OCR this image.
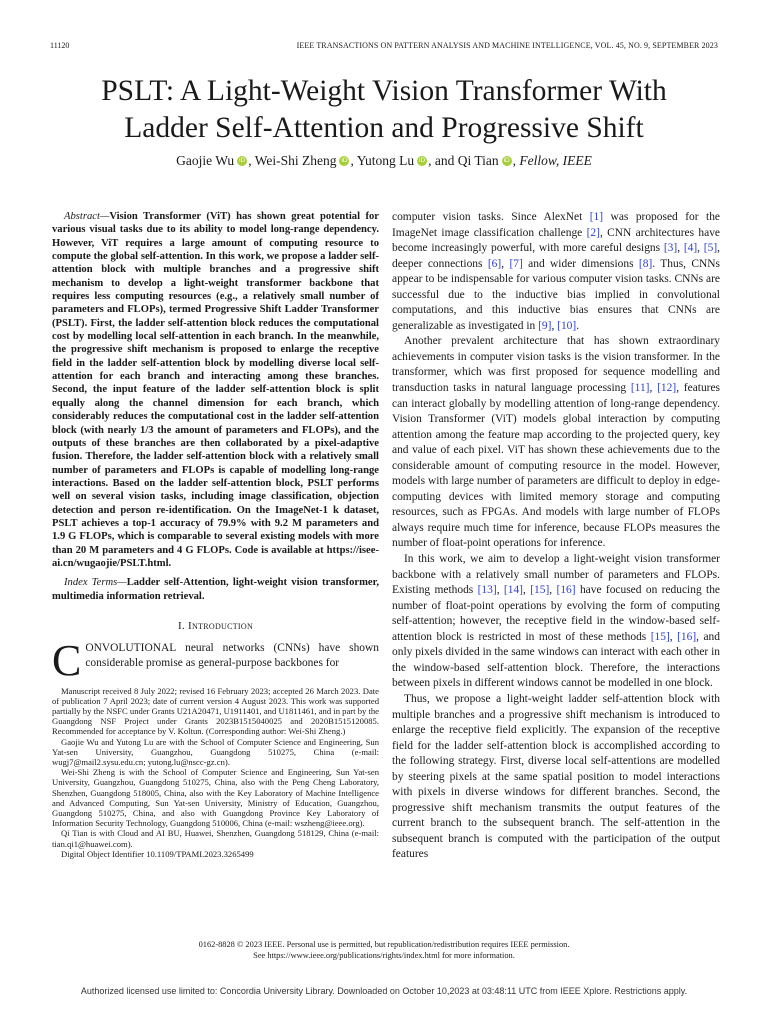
11120	IEEE TRANSACTIONS ON PATTERN ANALYSIS AND MACHINE INTELLIGENCE, VOL. 45, NO. 9, SEPTEMBER 2023
PSLT: A Light-Weight Vision Transformer With
Ladder Self-Attention and Progressive Shift
Gaojie Wu iD , Wei-Shi Zheng iD , Yutong Lu iD , and Qi Tian iD , Fellow, IEEE

Abstract—Vision Transformer (ViT) has shown great potential for various visual tasks due to its ability to model long-range dependency. However, ViT requires a large amount of computing resource to compute the global self-attention. In this work, we propose a ladder self-attention block with multiple branches and a progressive shift mechanism to develop a light-weight transformer backbone that requires less computing resources (e.g., a relatively small number of parameters and FLOPs), termed Progressive Shift Ladder Transformer (PSLT). First, the ladder self-attention block reduces the computational cost by modelling local self-attention in each branch. In the meanwhile, the progressive shift mechanism is proposed to enlarge the receptive field in the ladder self-attention block by modelling diverse local self-attention for each branch and interacting among these branches. Second, the input feature of the ladder self-attention block is split equally along the channel dimension for each branch, which considerably reduces the computational cost in the ladder self-attention block (with nearly 1/3 the amount of parameters and FLOPs), and the outputs of these branches are then collaborated by a pixel-adaptive fusion. Therefore, the ladder self-attention block with a relatively small number of parameters and FLOPs is capable of modelling long-range interactions. Based on the ladder self-attention block, PSLT performs well on several vision tasks, including image classification, objection detection and person re-identification. On the ImageNet-1 k dataset, PSLT achieves a top-1 accuracy of 79.9% with 9.2 M parameters and 1.9 G FLOPs, which is comparable to several existing models with more than 20 M parameters and 4 G FLOPs. Code is available at https://isee-ai.cn/wugaojie/PSLT.html.

Index Terms—Ladder self-Attention, light-weight vision transformer, multimedia information retrieval.

I. Introduction

CONVOLUTIONAL neural networks (CNNs) have shown considerable promise as general-purpose backbones for

Manuscript received 8 July 2022; revised 16 February 2023; accepted 26 March 2023. Date of publication 7 April 2023; date of current version 4 August 2023. This work was supported partially by the NSFC under Grants U21A20471, U1911401, and U1811461, and in part by the Guangdong NSF Project under Grants 2023B1515040025 and 2020B1515120085. Recommended for acceptance by V. Koltun. (Corresponding author: Wei-Shi Zheng.)

Gaojie Wu and Yutong Lu are with the School of Computer Science and Engineering, Sun Yat-sen University, Guangzhou, Guangdong 510275, China (e-mail: wugj7@mail2.sysu.edu.cn; yutong.lu@nscc-gz.cn).

Wei-Shi Zheng is with the School of Computer Science and Engineering, Sun Yat-sen University, Guangzhou, Guangdong 510275, China, also with the Peng Cheng Laboratory, Shenzhen, Guangdong 518005, China, also with the Key Laboratory of Machine Intelligence and Advanced Computing, Sun Yat-sen University, Ministry of Education, Guangzhou, Guangdong 510275, China, and also with Guangdong Province Key Laboratory of Information Security Technology, Guangdong 510006, China (e-mail: wszheng@ieee.org).

Qi Tian is with Cloud and AI BU, Huawei, Shenzhen, Guangdong 518129, China (e-mail: tian.qi1@huawei.com).

Digital Object Identifier 10.1109/TPAMI.2023.3265499

computer vision tasks. Since AlexNet [1] was proposed for the ImageNet image classification challenge [2], CNN architectures have become increasingly powerful, with more careful designs [3], [4], [5], deeper connections [6], [7] and wider dimensions [8]. Thus, CNNs appear to be indispensable for various computer vision tasks. CNNs are successful due to the inductive bias implied in convolutional computations, and this inductive bias ensures that CNNs are generalizable as investigated in [9], [10].

Another prevalent architecture that has shown extraordinary achievements in computer vision tasks is the vision transformer. In the transformer, which was first proposed for sequence modelling and transduction tasks in natural language processing [11], [12], features can interact globally by modelling attention of long-range dependency. Vision Transformer (ViT) models global interaction by computing attention among the feature map according to the projected query, key and value of each pixel. ViT has shown these achievements due to the considerable amount of computing resource in the model. However, models with large number of parameters are difficult to deploy in edge-computing devices with limited memory storage and computing resources, such as FPGAs. And models with large number of FLOPs always require much time for inference, because FLOPs measures the number of float-point operations for inference.

In this work, we aim to develop a light-weight vision transformer backbone with a relatively small number of parameters and FLOPs. Existing methods [13], [14], [15], [16] have focused on reducing the number of float-point operations by evolving the form of computing self-attention; however, the receptive field in the window-based self-attention block is restricted in most of these methods [15], [16], and only pixels divided in the same windows can interact with each other in the window-based self-attention block. Therefore, the interactions between pixels in different windows cannot be modelled in one block.

Thus, we propose a light-weight ladder self-attention block with multiple branches and a progressive shift mechanism is introduced to enlarge the receptive field explicitly. The expansion of the receptive field for the ladder self-attention block is accomplished according to the following strategy. First, diverse local self-attentions are modelled by steering pixels at the same spatial position to model interactions with pixels in diverse windows for different branches. Second, the progressive shift mechanism transmits the output features of the current branch to the subsequent branch. The self-attention in the subsequent branch is computed with the participation of the output features

0162-8828 © 2023 IEEE. Personal use is permitted, but republication/redistribution requires IEEE permission.
See https://www.ieee.org/publications/rights/index.html for more information.
Authorized licensed use limited to: Concordia University Library. Downloaded on October 10,2023 at 03:48:11 UTC from IEEE Xplore. Restrictions apply.
